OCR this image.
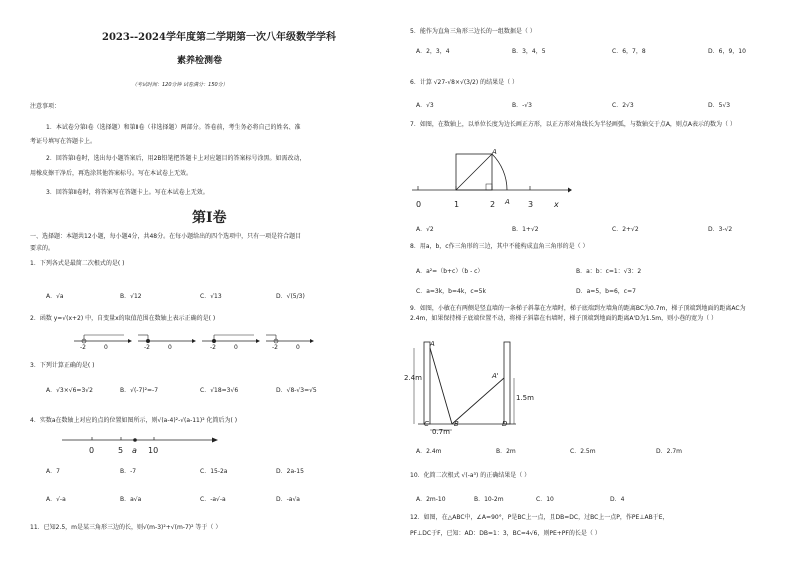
2023--2024学年度第二学期第一次八年级数学学科
素养检测卷
（考试时间：120分钟 试卷满分：150分）
注意事项：
1．本试卷分第Ⅰ卷（选择题）和第Ⅱ卷（非选择题）两部分。答卷前，考生务必将自己的姓名、准
考证号填写在答题卡上。
2．回答第Ⅰ卷时，选出每小题答案后，用2B铅笔把答题卡上对应题目的答案标号涂黑。如需改动，
用橡皮擦干净后，再选涂其他答案标号。写在本试卷上无效。
3．回答第Ⅱ卷时，将答案写在答题卡上。写在本试卷上无效。
第Ⅰ卷
一、选择题：本题共12小题，每小题4分，共48分。在每小题给出的四个选项中，只有一项是符合题目
要求的。
1．下列各式是最简二次根式的是( )
A．√a	B．√12	C．√13	D．√(5/3)
2．函数 y=√(x+2) 中，自变量x的取值范围在数轴上表示正确的是( )
-2	0	-2	0	-2	0	-2	0
3．下列计算正确的是( )
A．√3×√6=3√2	B．√(-7)²=-7	C．√18=3√6	D．√8-√3=√5
4．实数a在数轴上对应的点的位置如图所示，则√(a-4)²-√(a-11)² 化简后为( )
0	5 a 10
A．7	B．-7	C．15-2a	D．2a-15
A．√-a	B．a√a	C．-a√-a	D．-a√a
11．已知2.5，m是某三角形三边的长，则√(m-3)²+√(m-7)² 等于（ ）
5．能作为直角三角形三边长的一组数据是（ ）
A．2，3，4	B．3，4，5	C．6，7，8	D．6，9，10
6．计算 √27-√8×√(3/2) 的结果是（ ）
A．√3	B．-√3	C．2√3	D．5√3
7．如图，在数轴上，以单位长度为边长画正方形，以正方形对角线长为半径画弧，与数轴交于点A，则点A表示的数为（ ）
A
0	1	2 A 3	x
A．√2	B．1+√2	C．2+√2	D．3-√2
8．用a，b，c作三角形的三边，其中不能构成直角三角形的是（ ）
A．a²=（b+c）（b - c）	B．a：b：c=1：√3：2
C．a=3k，b=4k，c=5k	D．a=5，b=6，c=7
9．如图，小敏在有两侧是竖直墙的一条梯子斜靠在左墙时，梯子底端到左墙角的距离BC为0.7m，梯子顶端到地面的距离AC为2.4m，如果保持梯子底端位置不动，将梯子斜靠在右墙时，梯子顶端到地面的距离A'D为1.5m，则小巷的宽为（ ）
A
2.4m	A'
1.5m
C	B	D
0.7m
A．2.4m	B．2m	C．2.5m	D．2.7m
10．化简二次根式 √(-a³) 的正确结果是（ ）
A．2m-10	B．10-2m	C．10	D．4
12．如图，在△ABC中，∠A=90°，P是BC上一点，且DB=DC，过BC上一点P，作PE⊥AB于E，
PF⊥DC于F，已知：AD：DB=1：3，BC=4√6，则PE+PF的长是（ ）
